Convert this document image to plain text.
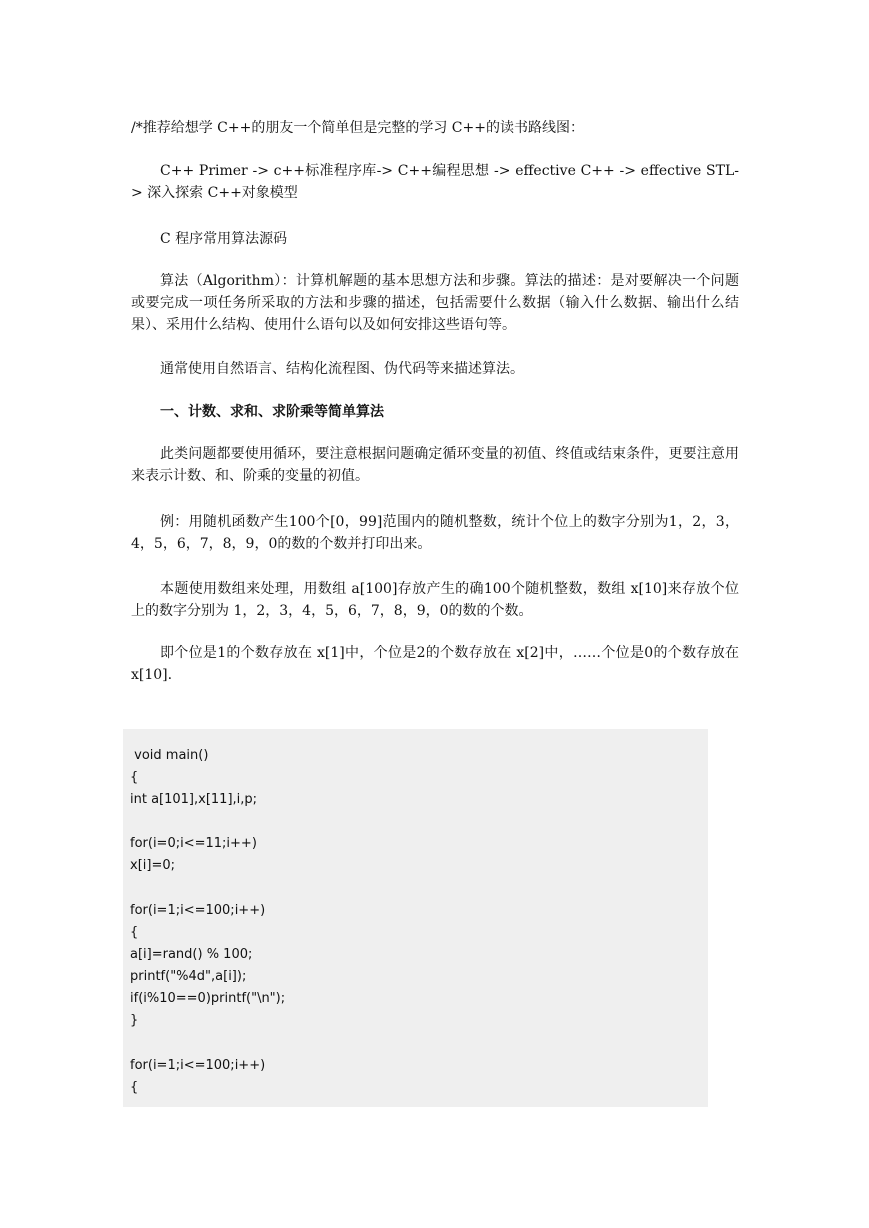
/*推荐给想学 C++的朋友一个简单但是完整的学习 C++的读书路线图：

C++ Primer -> c++标准程序库-> C++编程思想 -> effective C++ -> effective STL-> 深入探索 C++对象模型

C 程序常用算法源码

算法（Algorithm）：计算机解题的基本思想方法和步骤。算法的描述：是对要解决一个问题或要完成一项任务所采取的方法和步骤的描述，包括需要什么数据（输入什么数据、输出什么结果）、采用什么结构、使用什么语句以及如何安排这些语句等。

通常使用自然语言、结构化流程图、伪代码等来描述算法。

一、计数、求和、求阶乘等简单算法

此类问题都要使用循环，要注意根据问题确定循环变量的初值、终值或结束条件，更要注意用来表示计数、和、阶乘的变量的初值。

例：用随机函数产生100个[0，99]范围内的随机整数，统计个位上的数字分别为1，2，3，4，5，6，7，8，9，0的数的个数并打印出来。

本题使用数组来处理，用数组 a[100]存放产生的确100个随机整数，数组 x[10]来存放个位上的数字分别为 1，2，3，4，5，6，7，8，9，0的数的个数。

即个位是1的个数存放在 x[1]中，个位是2的个数存放在 x[2]中，……个位是0的个数存放在 x[10].

void main()
{
int a[101],x[11],i,p;
for(i=0;i<=11;i++)
x[i]=0;
for(i=1;i<=100;i++)
{
a[i]=rand() % 100;
printf("%4d",a[i]);
if(i%10==0)printf("\n");
}
for(i=1;i<=100;i++)
{
